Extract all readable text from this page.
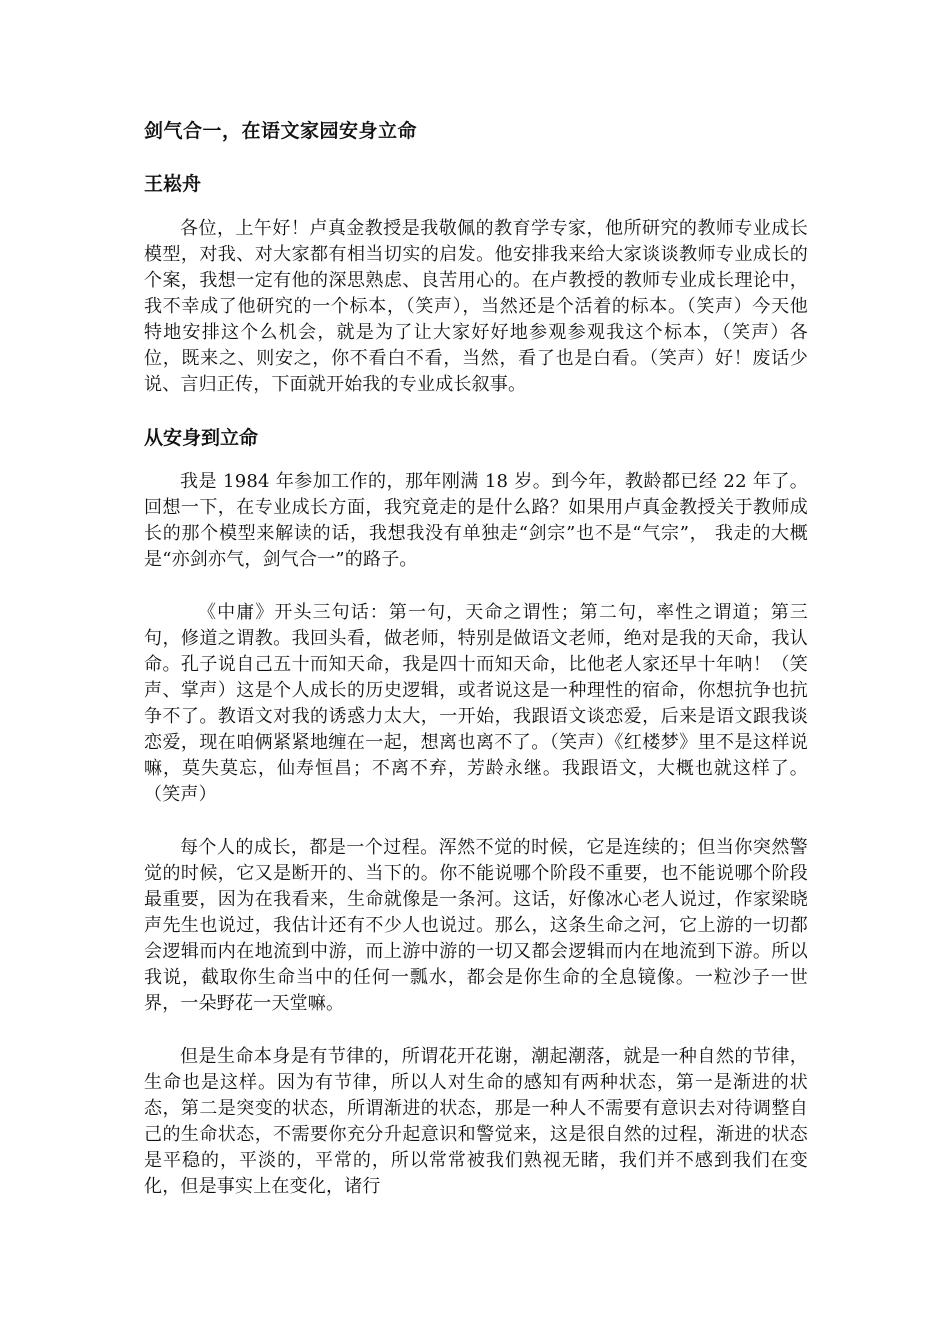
剑气合一，在语文家园安身立命
王崧舟

各位，上午好！卢真金教授是我敬佩的教育学专家，他所研究的教师专业成长模型，对我、对大家都有相当切实的启发。他安排我来给大家谈谈教师专业成长的个案，我想一定有他的深思熟虑、良苦用心的。在卢教授的教师专业成长理论中，我不幸成了他研究的一个标本，（笑声），当然还是个活着的标本。（笑声）今天他特地安排这个么机会，就是为了让大家好好地参观参观我这个标本，（笑声）各位，既来之、则安之，你不看白不看，当然，看了也是白看。（笑声）好！废话少说、言归正传，下面就开始我的专业成长叙事。

从安身到立命

我是 1984 年参加工作的，那年刚满 18 岁。到今年，教龄都已经 22 年了。回想一下，在专业成长方面，我究竟走的是什么路？如果用卢真金教授关于教师成长的那个模型来解读的话，我想我没有单独走“剑宗”也不是“气宗”， 我走的大概是“亦剑亦气，剑气合一”的路子。

《中庸》开头三句话：第一句，天命之谓性；第二句，率性之谓道；第三句，修道之谓教。我回头看，做老师，特别是做语文老师，绝对是我的天命，我认命。孔子说自己五十而知天命，我是四十而知天命，比他老人家还早十年呐！（笑声、掌声）这是个人成长的历史逻辑，或者说这是一种理性的宿命，你想抗争也抗争不了。教语文对我的诱惑力太大，一开始，我跟语文谈恋爱，后来是语文跟我谈恋爱，现在咱俩紧紧地缠在一起，想离也离不了。（笑声）《红楼梦》里不是这样说嘛，莫失莫忘，仙寿恒昌；不离不弃，芳龄永继。我跟语文，大概也就这样了。（笑声）

每个人的成长，都是一个过程。浑然不觉的时候，它是连续的；但当你突然警觉的时候，它又是断开的、当下的。你不能说哪个阶段不重要，也不能说哪个阶段最重要，因为在我看来，生命就像是一条河。这话，好像冰心老人说过，作家梁晓声先生也说过，我估计还有不少人也说过。那么，这条生命之河，它上游的一切都会逻辑而内在地流到中游，而上游中游的一切又都会逻辑而内在地流到下游。所以我说，截取你生命当中的任何一瓢水，都会是你生命的全息镜像。一粒沙子一世界，一朵野花一天堂嘛。

但是生命本身是有节律的，所谓花开花谢，潮起潮落，就是一种自然的节律，生命也是这样。因为有节律，所以人对生命的感知有两种状态，第一是渐进的状态，第二是突变的状态，所谓渐进的状态，那是一种人不需要有意识去对待调整自己的生命状态，不需要你充分升起意识和警觉来，这是很自然的过程，渐进的状态是平稳的，平淡的，平常的，所以常常被我们熟视无睹，我们并不感到我们在变化，但是事实上在变化，诸行
